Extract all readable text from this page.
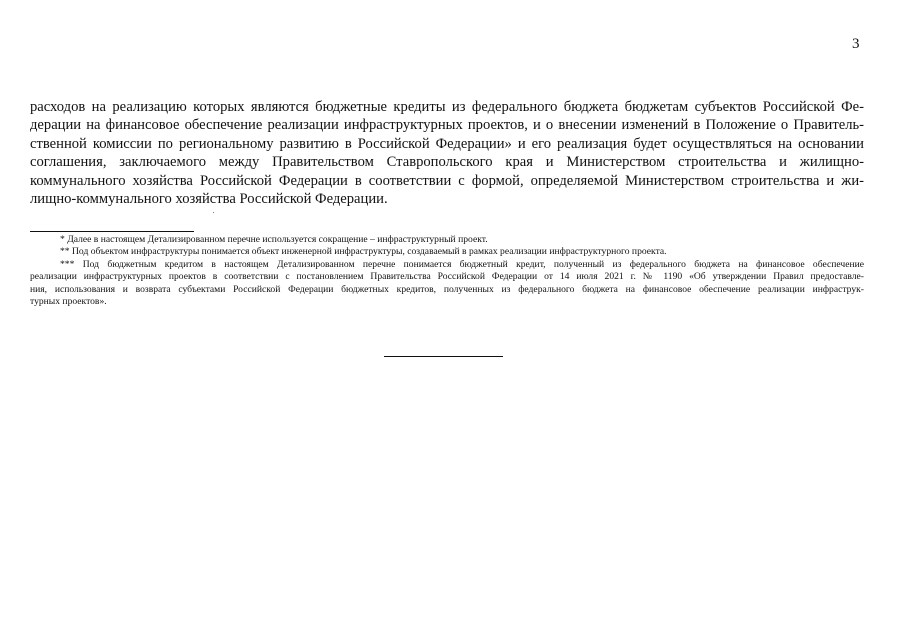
3
расходов на реализацию которых являются бюджетные кредиты из федерального бюджета бюджетам субъектов Российской Фе-
дерации на финансовое обеспечение реализации инфраструктурных проектов, и о внесении изменений в Положение о Правитель-
ственной комиссии по региональному развитию в Российской Федерации» и его реализация будет осуществляться на основании
соглашения, заключаемого между Правительством Ставропольского края и Министерством строительства и жилищно-
коммунального хозяйства Российской Федерации в соответствии с формой, определяемой Министерством строительства и жи-
лищно-коммунального хозяйства Российской Федерации.
* Далее в настоящем Детализированном перечне используется сокращение – инфраструктурный проект.
** Под объектом инфраструктуры понимается объект инженерной инфраструктуры, создаваемый в рамках реализации инфраструктурного проекта.
*** Под бюджетным кредитом в настоящем Детализированном перечне понимается бюджетный кредит, полученный из федерального бюджета на финансовое обеспечение
реализации инфраструктурных проектов в соответствии с постановлением Правительства Российской Федерации от 14 июля 2021 г. № 1190 «Об утверждении Правил предоставле-
ния, использования и возврата субъектами Российской Федерации бюджетных кредитов, полученных из федерального бюджета на финансовое обеспечение реализации инфраструк-
турных проектов».
